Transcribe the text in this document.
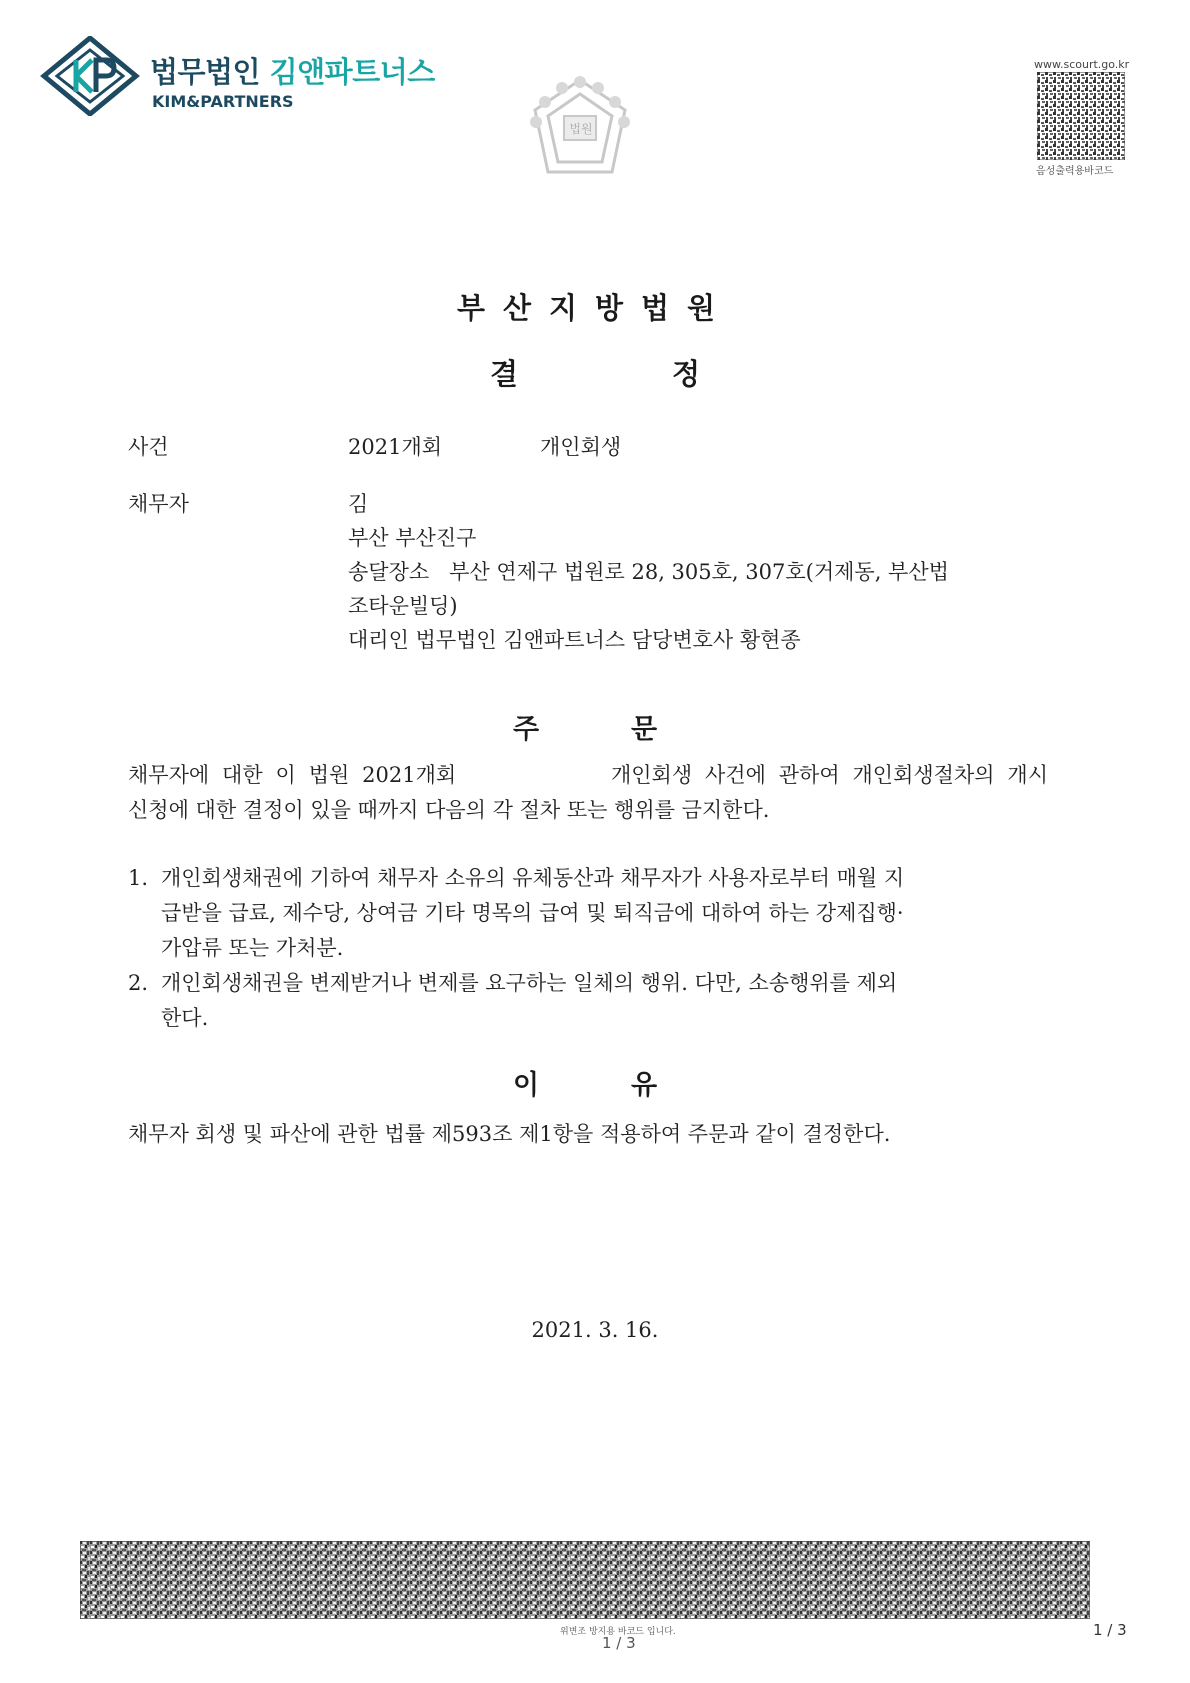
법무법인 김앤파트너스
KIM&PARTNERS
법원
www.scourt.go.kr
음성출력용바코드
부산지방법원
결	정
사건	2021개회	개인회생
채무자	김
부산 부산진구
송달장소   부산 연제구 법원로 28, 305호, 307호(거제동, 부산법
조타운빌딩)
대리인 법무법인 김앤파트너스 담당변호사 황현종
주	문
채무자에 대한 이 법원 2021개회            개인회생 사건에 관하여 개인회생절차의 개시
신청에 대한 결정이 있을 때까지 다음의 각 절차 또는 행위를 금지한다.
1. 개인회생채권에 기하여 채무자 소유의 유체동산과 채무자가 사용자로부터 매월 지
급받을 급료, 제수당, 상여금 기타 명목의 급여 및 퇴직금에 대하여 하는 강제집행·
가압류 또는 가처분.
2. 개인회생채권을 변제받거나 변제를 요구하는 일체의 행위. 다만, 소송행위를 제외
한다.
이	유
채무자 회생 및 파산에 관한 법률 제593조 제1항을 적용하여 주문과 같이 결정한다.
2021. 3. 16.
위변조 방지용 바코드 입니다.
1 / 3
1 / 3
